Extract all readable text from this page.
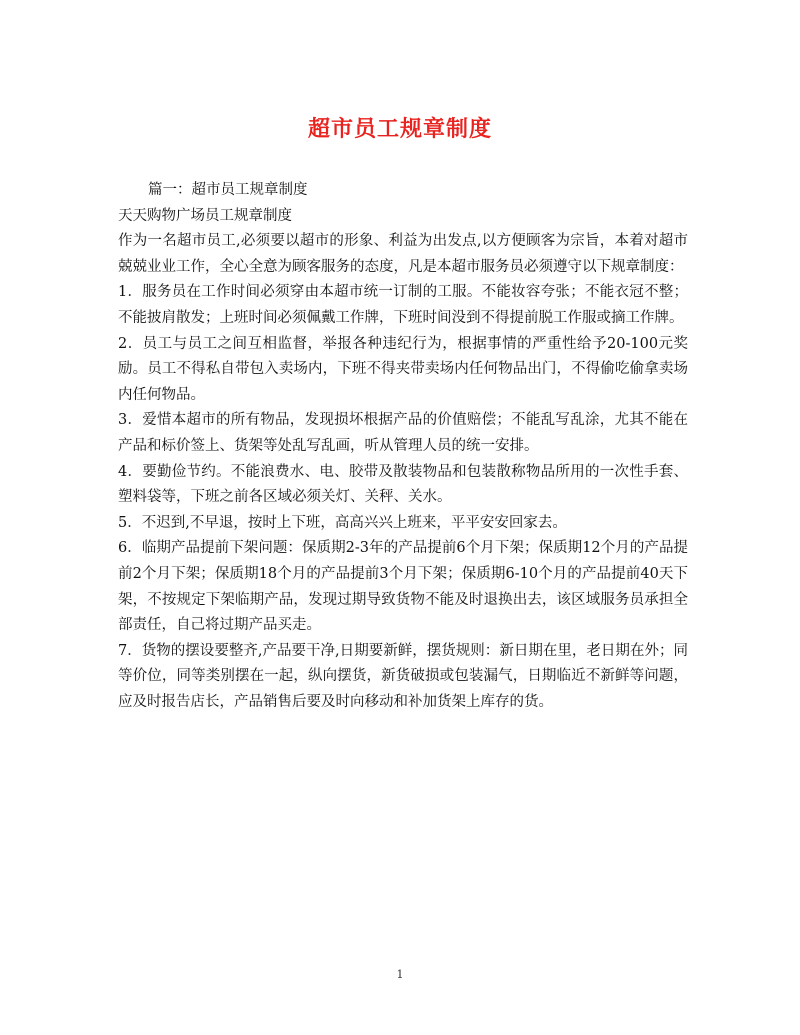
超市员工规章制度

篇一：超市员工规章制度

天天购物广场员工规章制度

作为一名超市员工,必须要以超市的形象、利益为出发点,以方便顾客为宗旨，本着对超市兢兢业业工作，全心全意为顾客服务的态度，凡是本超市服务员必须遵守以下规章制度：

1．服务员在工作时间必须穿由本超市统一订制的工服。不能妆容夸张；不能衣冠不整；不能披肩散发；上班时间必须佩戴工作牌，下班时间没到不得提前脱工作服或摘工作牌。

2．员工与员工之间互相监督，举报各种违纪行为，根据事情的严重性给予20-100元奖励。员工不得私自带包入卖场内，下班不得夹带卖场内任何物品出门，不得偷吃偷拿卖场内任何物品。

3．爱惜本超市的所有物品，发现损坏根据产品的价值赔偿；不能乱写乱涂，尤其不能在产品和标价签上、货架等处乱写乱画，听从管理人员的统一安排。

4．要勤俭节约。不能浪费水、电、胶带及散装物品和包装散称物品所用的一次性手套、塑料袋等，下班之前各区域必须关灯、关秤、关水。

5．不迟到,不早退，按时上下班，高高兴兴上班来，平平安安回家去。

6．临期产品提前下架问题：保质期2-3年的产品提前6个月下架；保质期12个月的产品提前2个月下架；保质期18个月的产品提前3个月下架；保质期6-10个月的产品提前40天下架，不按规定下架临期产品，发现过期导致货物不能及时退换出去，该区域服务员承担全部责任，自己将过期产品买走。

7．货物的摆设要整齐,产品要干净,日期要新鲜，摆货规则：新日期在里，老日期在外；同等价位，同等类别摆在一起，纵向摆货，新货破损或包装漏气，日期临近不新鲜等问题，应及时报告店长，产品销售后要及时向移动和补加货架上库存的货。

1
